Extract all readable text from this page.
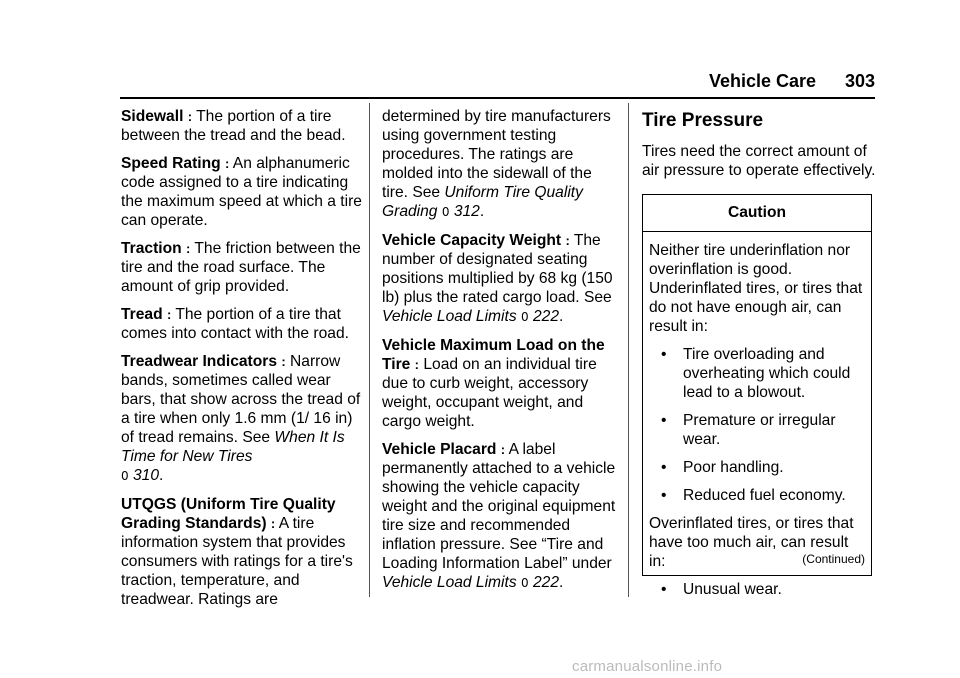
Vehicle Care 303

Sidewall : The portion of a tire between the tread and the bead.

Speed Rating : An alphanumeric code assigned to a tire indicating the maximum speed at which a tire can operate.

Traction : The friction between the tire and the road surface. The amount of grip provided.

Tread : The portion of a tire that comes into contact with the road.

Treadwear Indicators : Narrow bands, sometimes called wear bars, that show across the tread of a tire when only 1.6 mm (1/ 16 in) of tread remains. See When It Is Time for New Tires
0 310.

UTQGS (Uniform Tire Quality Grading Standards) : A tire information system that provides consumers with ratings for a tire's traction, temperature, and treadwear. Ratings are

determined by tire manufacturers using government testing procedures. The ratings are molded into the sidewall of the tire. See Uniform Tire Quality Grading 0 312.

Vehicle Capacity Weight : The number of designated seating positions multiplied by 68 kg (150 lb) plus the rated cargo load. See Vehicle Load Limits 0 222.

Vehicle Maximum Load on the Tire : Load on an individual tire due to curb weight, accessory weight, occupant weight, and cargo weight.

Vehicle Placard : A label permanently attached to a vehicle showing the vehicle capacity weight and the original equipment tire size and recommended inflation pressure. See “Tire and Loading Information Label” under Vehicle Load Limits 0 222.

Tire Pressure

Tires need the correct amount of air pressure to operate effectively.

Caution

Neither tire underinflation nor overinflation is good. Underinflated tires, or tires that do not have enough air, can result in:

•	Tire overloading and overheating which could lead to a blowout.
•	Premature or irregular wear.
•	Poor handling.
•	Reduced fuel economy.

Overinflated tires, or tires that have too much air, can result in:

•	Unusual wear.
(Continued)
carmanualsonline.info
